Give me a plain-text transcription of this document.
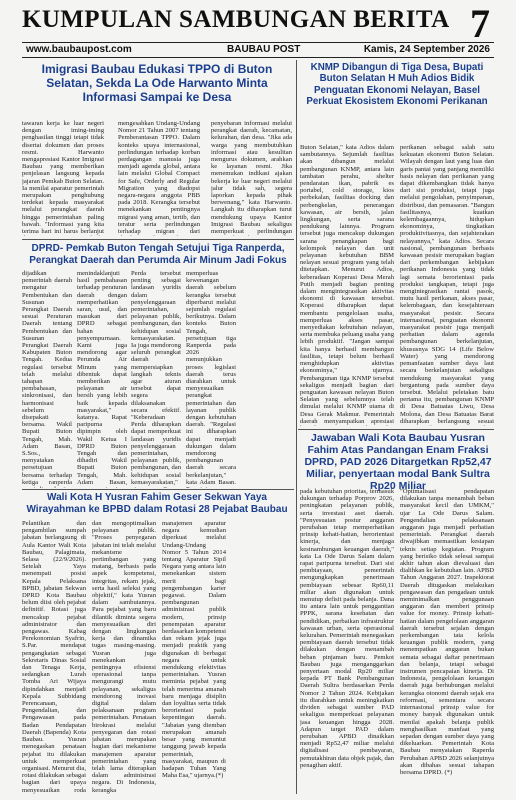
KUMPULAN SAMBUNGAN BERITA 7
www.baubaupost.com	BAUBAU POST	Kamis, 24 September 2026
Imigrasi Baubau Edukasi TPPO di Buton Selatan, Sekda La Ode Harwanto Minta Informasi Sampai ke Desa
tawaran kerja ke luar negeri dengan iming-iming penghasilan tinggi tetapi tidak disertai dokumen dan proses resmi. Harwanto mengapresiasi Kantor Imigrasi Baubau yang memberikan penjelasan langsung kepada jajaran Pemkab Buton Selatan. Ia menilai aparatur pemerintah merupakan penghubung terdekat kepada masyarakat melalui perangkat daerah hingga pemerintahan paling bawah. "Informasi yang kita terima hari ini harus berlanjut
mengesahkan Undang-Undang Nomor 21 Tahun 2007 tentang Pemberantasan TPPO. Dalam konteks upaya internasional, perlindungan terhadap korban perdagangan manusia juga menjadi agenda global, antara lain melalui Global Compact for Safe, Orderly and Regular Migration yang diadopsi negara-negara anggota PBB pada 2018. Kerangka tersebut menekankan pentingnya migrasi yang aman, tertib, dan teratur serta perlindungan terhadap migran dari
penyebaran informasi melalui perangkat daerah, kecamatan, kelurahan, dan desa. "Jika ada warga yang membutuhkan informasi atau kesulitan mengurus dokumen, arahkan ke layanan resmi. Jika menemukan indikasi ajakan bekerja ke luar negeri melalui jalur tidak sah, segera laporkan kepada pihak berwenang," kata Harwanto. Langkah itu diharapkan turut mendukung upaya Kantor Imigrasi Baubau sekaligus memperkuat perlindungan
KNMP Dibangun di Tiga Desa, Bupati Buton Selatan H Muh Adios Bidik Penguatan Ekonomi Nelayan, Basel Perkuat Ekosistem Ekonomi Perikanan
Buton Selatan," kata Adios dalam sambutannya. Sejumlah fasilitas akan dibangun melalui pembangunan KNMP, antara lain tambatan perahu, shelter pendaratan ikan, pabrik es portabel, cold storage, kios perbekalan, fasilitas docking dan perbengkelan, penerangan kawasan, air bersih, jalan lingkungan, serta sarana pendukung lainnya. Program tersebut juga mencakup dukungan sarana penangkapan bagi kelompok nelayan dan unit pelayanan kebutuhan BBM nelayan sesuai program yang telah ditetapkan. Menurut Adios, keberadaan Koperasi Desa Merah Putih menjadi bagian penting dalam mengintegrasikan aktivitas ekonomi di kawasan tersebut. Koperasi diharapkan dapat membantu pengelolaan usaha, memperluas akses pasar, menyediakan kebutuhan nelayan, serta membuka peluang usaha yang lebih produktif. "Jangan sampai kita hanya berhasil membangun fasilitas, tetapi belum berhasil menghidupkan aktivitas ekonominya," ujarnya. Pembangunan tiga KNMP tersebut sekaligus menjadi bagian dari penguatan kawasan nelayan Buton Selatan yang sebelumnya telah dimulai melalui KNMP utama di Desa Gerak Makmur. Pemerintah daerah menyampaikan apresiasi
perikanan sebagai salah satu kekuatan ekonomi Buton Selatan. Wilayah dengan laut yang luas dan garis pantai yang panjang memiliki basis nelayan dan perikanan yang dapat dikembangkan tidak hanya dari sisi produksi, tetapi juga melalui pengolahan, penyimpanan, distribusi, dan pemasaran. "Bangun fasilitasnya, kuatkan kelembagaannya, hidupkan ekonominya, tingkatkan produktivitasnya, dan sejahterakan nelayannya," kata Adios. Secara nasional, pembangunan berbasis kawasan pesisir merupakan bagian dari perkembangan kebijakan perikanan Indonesia yang tidak lagi semata berorientasi pada produksi tangkapan, tetapi juga mengintegrasikan rantai pasok, mutu hasil perikanan, akses pasar, kelembagaan, dan kesejahteraan masyarakat pesisir. Secara internasional, penguatan ekonomi masyarakat pesisir juga menjadi perhatian dalam agenda pembangunan berkelanjutan, khususnya SDG 14 (Life Below Water) yang mendorong pemanfaatan sumber daya laut secara berkelanjutan sekaligus mendukung masyarakat yang bergantung pada sumber daya tersebut. Melalui peletakan batu pertama itu, pembangunan KNMP di Desa Batuatas Liwu, Desa Molona, dan Desa Batuatas Barat diharapkan berlangsung sesuai
DPRD- Pemkab Buton Tengah Setujui Tiga Ranperda, Perangkat Daerah dan Perumda Air Minum Jadi Fokus
dijadikan pemerintah daerah mengatur Pembentukan dan Susunan Perangkat Daerah sesuai Peraturan Daerah tentang Pembentukan dan Susunan Perangkat Daerah Kabupaten Buton Tengah. Kedua regulasi tersebut telah melalui tahapan pembahasan, sinkronisasi, dan harmonisasi sebelum disepakati bersama. Wakil Bupati Buton Tengah, Mah. Adam Basan, S.Sos., menyatakan persetujuan bersama terhadap ketiga ranperda
menindaklanjuti hasil pembahasan terhadap peraturan daerah dengan memperhatikan saran, usul, dan masukan dari DPRD sebagai bahan penyempurnaan. Kami juga mendorong agar Perumda Air Minum yang dibentuk dapat memberikan pelayanan air bersih yang lebih baik kepada masyarakat," katanya. Rapat paripurna dipimpin oleh Wakil Ketua I DPRD Buton Tengah dan dihadiri Wakil Bupati Buton Tengah, Mah. Adam Basan,
Perda tersebut penting sebagai landasan yuridis dalam penyelenggaraan pemerintahan, pelayanan publik, pembangunan, dan kehidupan sosial kemasyarakatan. Ia juga mendorong seluruh perangkat daerah mempersiapkan langkah teknis agar aturan tersebut dapat segera dilaksanakan secara efektif. "Keberadaan Perda diharapkan dapat memperkuat landasan yuridis penyelenggaraan pemerintahan, pelayanan publik, pembangunan, dan kehidupan sosial kemasyarakatan,"
memperluas kewenangan daerah sebelum kerangka tersebut diperbarui melalui sejumlah regulasi berikutnya. Dalam konteks Buton Tengah, persetujuan tiga Ranperda pada 2026 menunjukkan proses legislasi daerah terus diarahkan untuk menyesuaikan perangkat pemerintahan dan layanan publik dengan kebutuhan daerah. "Regulasi ini diharapkan dapat menjadi dukungan dalam mendorong pembangunan daerah secara berkelanjutan," kata Adam Basan.
Jawaban Wali Kota Baubau Yusran Fahim Atas Pandangan Enam Fraksi DPRD, PAD 2026 Ditargetkan Rp52,47 Miliar, penyertaan modal Bank Sultra Rp20 Miliar
pada kebutuhan prioritas, termasuk dukungan terhadap Porprov 2026, peningkatan pelayanan publik, serta investasi aset daerah. "Penyesuaian postur anggaran perubahan tetap memperhatikan prinsip kehati-hatian, berorientasi kinerja, dan menjaga kesinambungan keuangan daerah," kata La Ode Darus Salam dalam rapat paripurna tersebut. Dari sisi pembiayaan, pemerintah mengungkapkan penerimaan pembiayaan sebesar Rp60,11 miliar akan digunakan untuk menutup defisit pada belanja. Dana itu antara lain untuk penggantian PPPK, sarana kesehatan dan pendidikan, perbaikan infrastruktur kawasan urban, serta operasional kelurahan. Pemerintah menegaskan pembiayaan daerah tersebut tidak dilakukan dengan menambah beban pinjaman baru. Pemkot Baubau juga menganggarkan penyertaan modal Rp20 miliar kepada PT Bank Pembangunan Daerah Sultra berdasarkan Perda Nomor 2 Tahun 2024. Kebijakan itu diarahkan untuk meningkatkan dividen sebagai sumber PAD sekaligus memperkuat pelayanan jasa keuangan hingga 2028. Adapun target PAD dalam perubahan APBD dinaikkan menjadi Rp52,47 miliar melalui digitalisasi pembayaran, pemutakhiran data objek pajak, dan penagihan aktif.
"Optimalisasi pendapatan dilakukan tanpa menambah beban masyarakat kecil dan UMKM," ujar La Ode Darus Salam. Pengendalian pelaksanaan anggaran juga menjadi perhatian pemerintah. Perangkat daerah diwajibkan memastikan kesiapan teknis setiap kegiatan. Program yang berisiko tidak selesai sampai akhir tahun akan dievaluasi dan dialihkan ke kebutuhan lain. APBD Tahun Anggaran 2027. Inspektorat Daerah ditugaskan melakukan pengawasan dan pengadaan untuk meminimalkan penggunaan anggaran dan memberi prinsip value for money. Prinsip kehati-hatian dalam pengelolaan anggaran daerah tersebut sejalan dengan perkembangan tata kelola keuangan publik modern, yang menempatkan anggaran bukan semata sebagai daftar penerimaan dan belanja, tetapi sebagai instrumen pencapaian kinerja. Di Indonesia, pengelolaan keuangan daerah juga berhubungan melalui kerangka otonomi daerah sejak era reformasi, sementara secara internasional prinsip value for money banyak digunakan untuk menilai apakah belanja publik menghasilkan manfaat yang sepadan dengan sumber daya yang dikeluarkan. Pemerintah Kota Baubau menyatakan Raperda Perubahan APBD 2026 selanjutnya akan dibahas sesuai tahapan bersama DPRD. (*)
Wali Kota H Yusran Fahim Geser Sekwan Yaya Wirayahman ke BPBD dalam Rotasi 28 Pejabat Baubau
Pelantikan dan pengambilan sumpah jabatan berlangsung di Aula Kantor Wali Kota Baubau, Palagimata, Selasa (22/9/2026). Setelah Yaya menempati posisi Kepala Pelaksana BPBD, jabatan Sekwan DPRD Kota Baubau belum diisi oleh pejabat definitif. Rotasi juga mencakup pejabat administrator dan pengawas. Kabag Perekonomian Syafrin, S.Par. mendapat pengangkatan sebagai Sekretaris Dinas Sosial dan Tenaga Kerja, sedangkan Lurah Tomba Ari Wijaya dipindahkan menjadi Kepala Subbidang Perencanaan, Pengendalian, dan Pengawasan pada Badan Pendapatan Daerah (Bapenda) Kota Baubau. Yusran menegaskan penataan pejabat itu dilakukan untuk memperkuat organisasi. Menurut dia, rotasi dilakukan sebagai bagian dari upaya menyesuaikan roda
dan mengoptimalkan pelayanan publik. "Proses penyegaran jabatan ini telah melalui mekanisme pertimbangan yang matang, berbasis pada aspek kompetensi, integritas, rekam jejak, serta hasil seleksi yang objektif," kata Yusran dalam sambutannya. Para pejabat yang baru dilantik diminta segera menyesuaikan diri dengan lingkungan kerja dan dinamika tugas masing-masing. Yusran juga menekankan pentingnya efisiensi operasional tanpa mengurangi mutu pelayanan, sekaligus mendorong inovasi digital dalam pelaksanaan program pemerintahan. Penataan birokrasi melalui penyegaran dan rotasi jabatan merupakan bagian dari mekanisme manajemen aparatur pemerintahan yang telah lama diterapkan dalam administrasi negara. Di Indonesia, kerangka
manajemen aparatur negara kemudian diperkuat melalui Undang-Undang Nomor 5 Tahun 2014 tentang Aparatur Sipil Negara yang antara lain menekankan sistem merit bagi pengembangan karier pegawai. Dalam pembangunan administrasi publik modern, prinsip penempatan aparatur berdasarkan kompetensi dan rekam jejak juga menjadi praktik yang digunakan di berbagai negara untuk mendukung efektivitas pemerintahan. Yusran meminta pejabat yang telah menerima amanah baru menjaga disiplin dan loyalitas serta tidak berorientasi pada kepentingan daerah. "Jabatan yang diemban merupakan amanah besar yang menuntut tanggung jawab kepada pemerintah, masyarakat, maupun di hadapan Tuhan Yang Maha Esa," ujarnya.(*)
